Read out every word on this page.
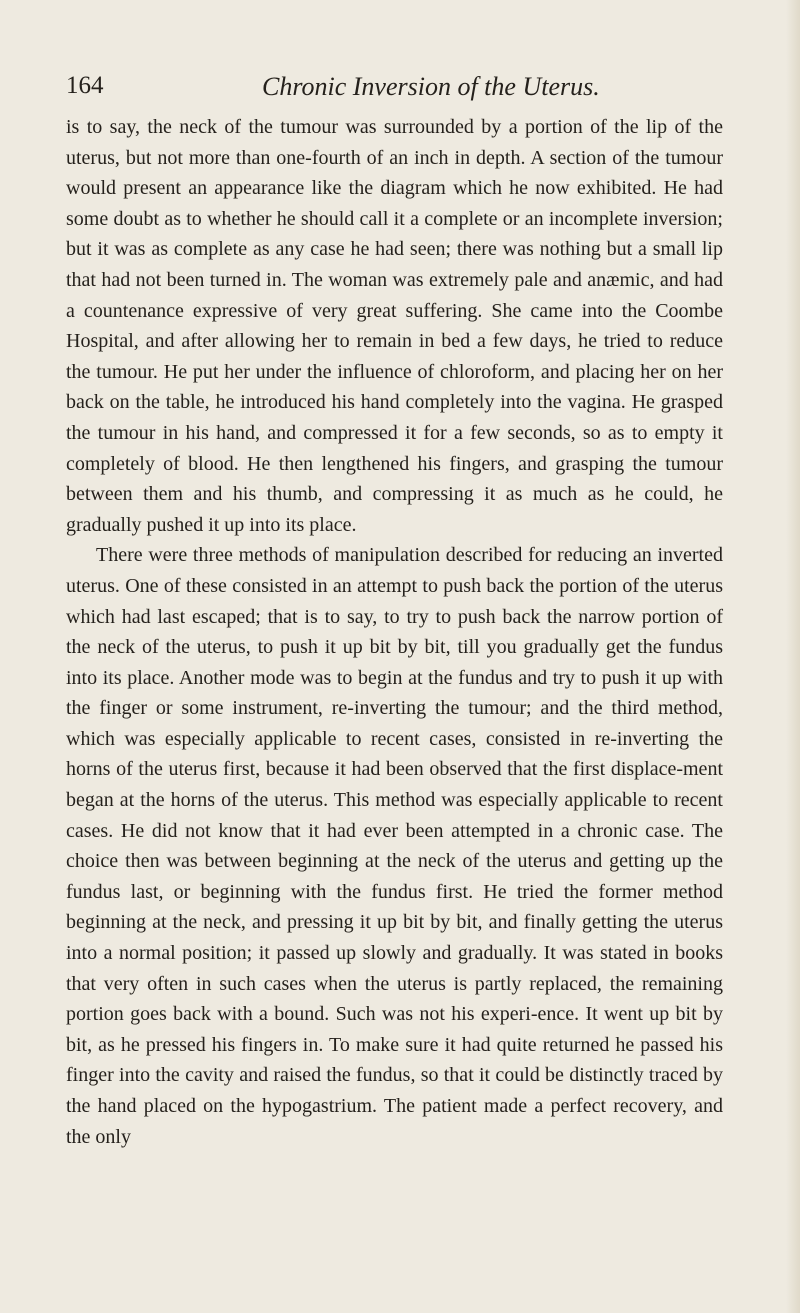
164	Chronic Inversion of the Uterus.

is to say, the neck of the tumour was surrounded by a portion of the lip of the uterus, but not more than one-fourth of an inch in depth. A section of the tumour would present an appearance like the diagram which he now exhibited. He had some doubt as to whether he should call it a complete or an incomplete inversion; but it was as complete as any case he had seen; there was nothing but a small lip that had not been turned in. The woman was extremely pale and anæmic, and had a countenance expressive of very great suffering. She came into the Coombe Hospital, and after allowing her to remain in bed a few days, he tried to reduce the tumour. He put her under the influence of chloroform, and placing her on her back on the table, he introduced his hand completely into the vagina. He grasped the tumour in his hand, and compressed it for a few seconds, so as to empty it completely of blood. He then lengthened his fingers, and grasping the tumour between them and his thumb, and compressing it as much as he could, he gradually pushed it up into its place.

There were three methods of manipulation described for reducing an inverted uterus. One of these consisted in an attempt to push back the portion of the uterus which had last escaped; that is to say, to try to push back the narrow portion of the neck of the uterus, to push it up bit by bit, till you gradually get the fundus into its place. Another mode was to begin at the fundus and try to push it up with the finger or some instrument, re-inverting the tumour; and the third method, which was especially applicable to recent cases, consisted in re-inverting the horns of the uterus first, because it had been observed that the first displace-ment began at the horns of the uterus. This method was especially applicable to recent cases. He did not know that it had ever been attempted in a chronic case. The choice then was between beginning at the neck of the uterus and getting up the fundus last, or beginning with the fundus first. He tried the former method beginning at the neck, and pressing it up bit by bit, and finally getting the uterus into a normal position; it passed up slowly and gradually. It was stated in books that very often in such cases when the uterus is partly replaced, the remaining portion goes back with a bound. Such was not his experi-ence. It went up bit by bit, as he pressed his fingers in. To make sure it had quite returned he passed his finger into the cavity and raised the fundus, so that it could be distinctly traced by the hand placed on the hypogastrium. The patient made a perfect recovery, and the only
